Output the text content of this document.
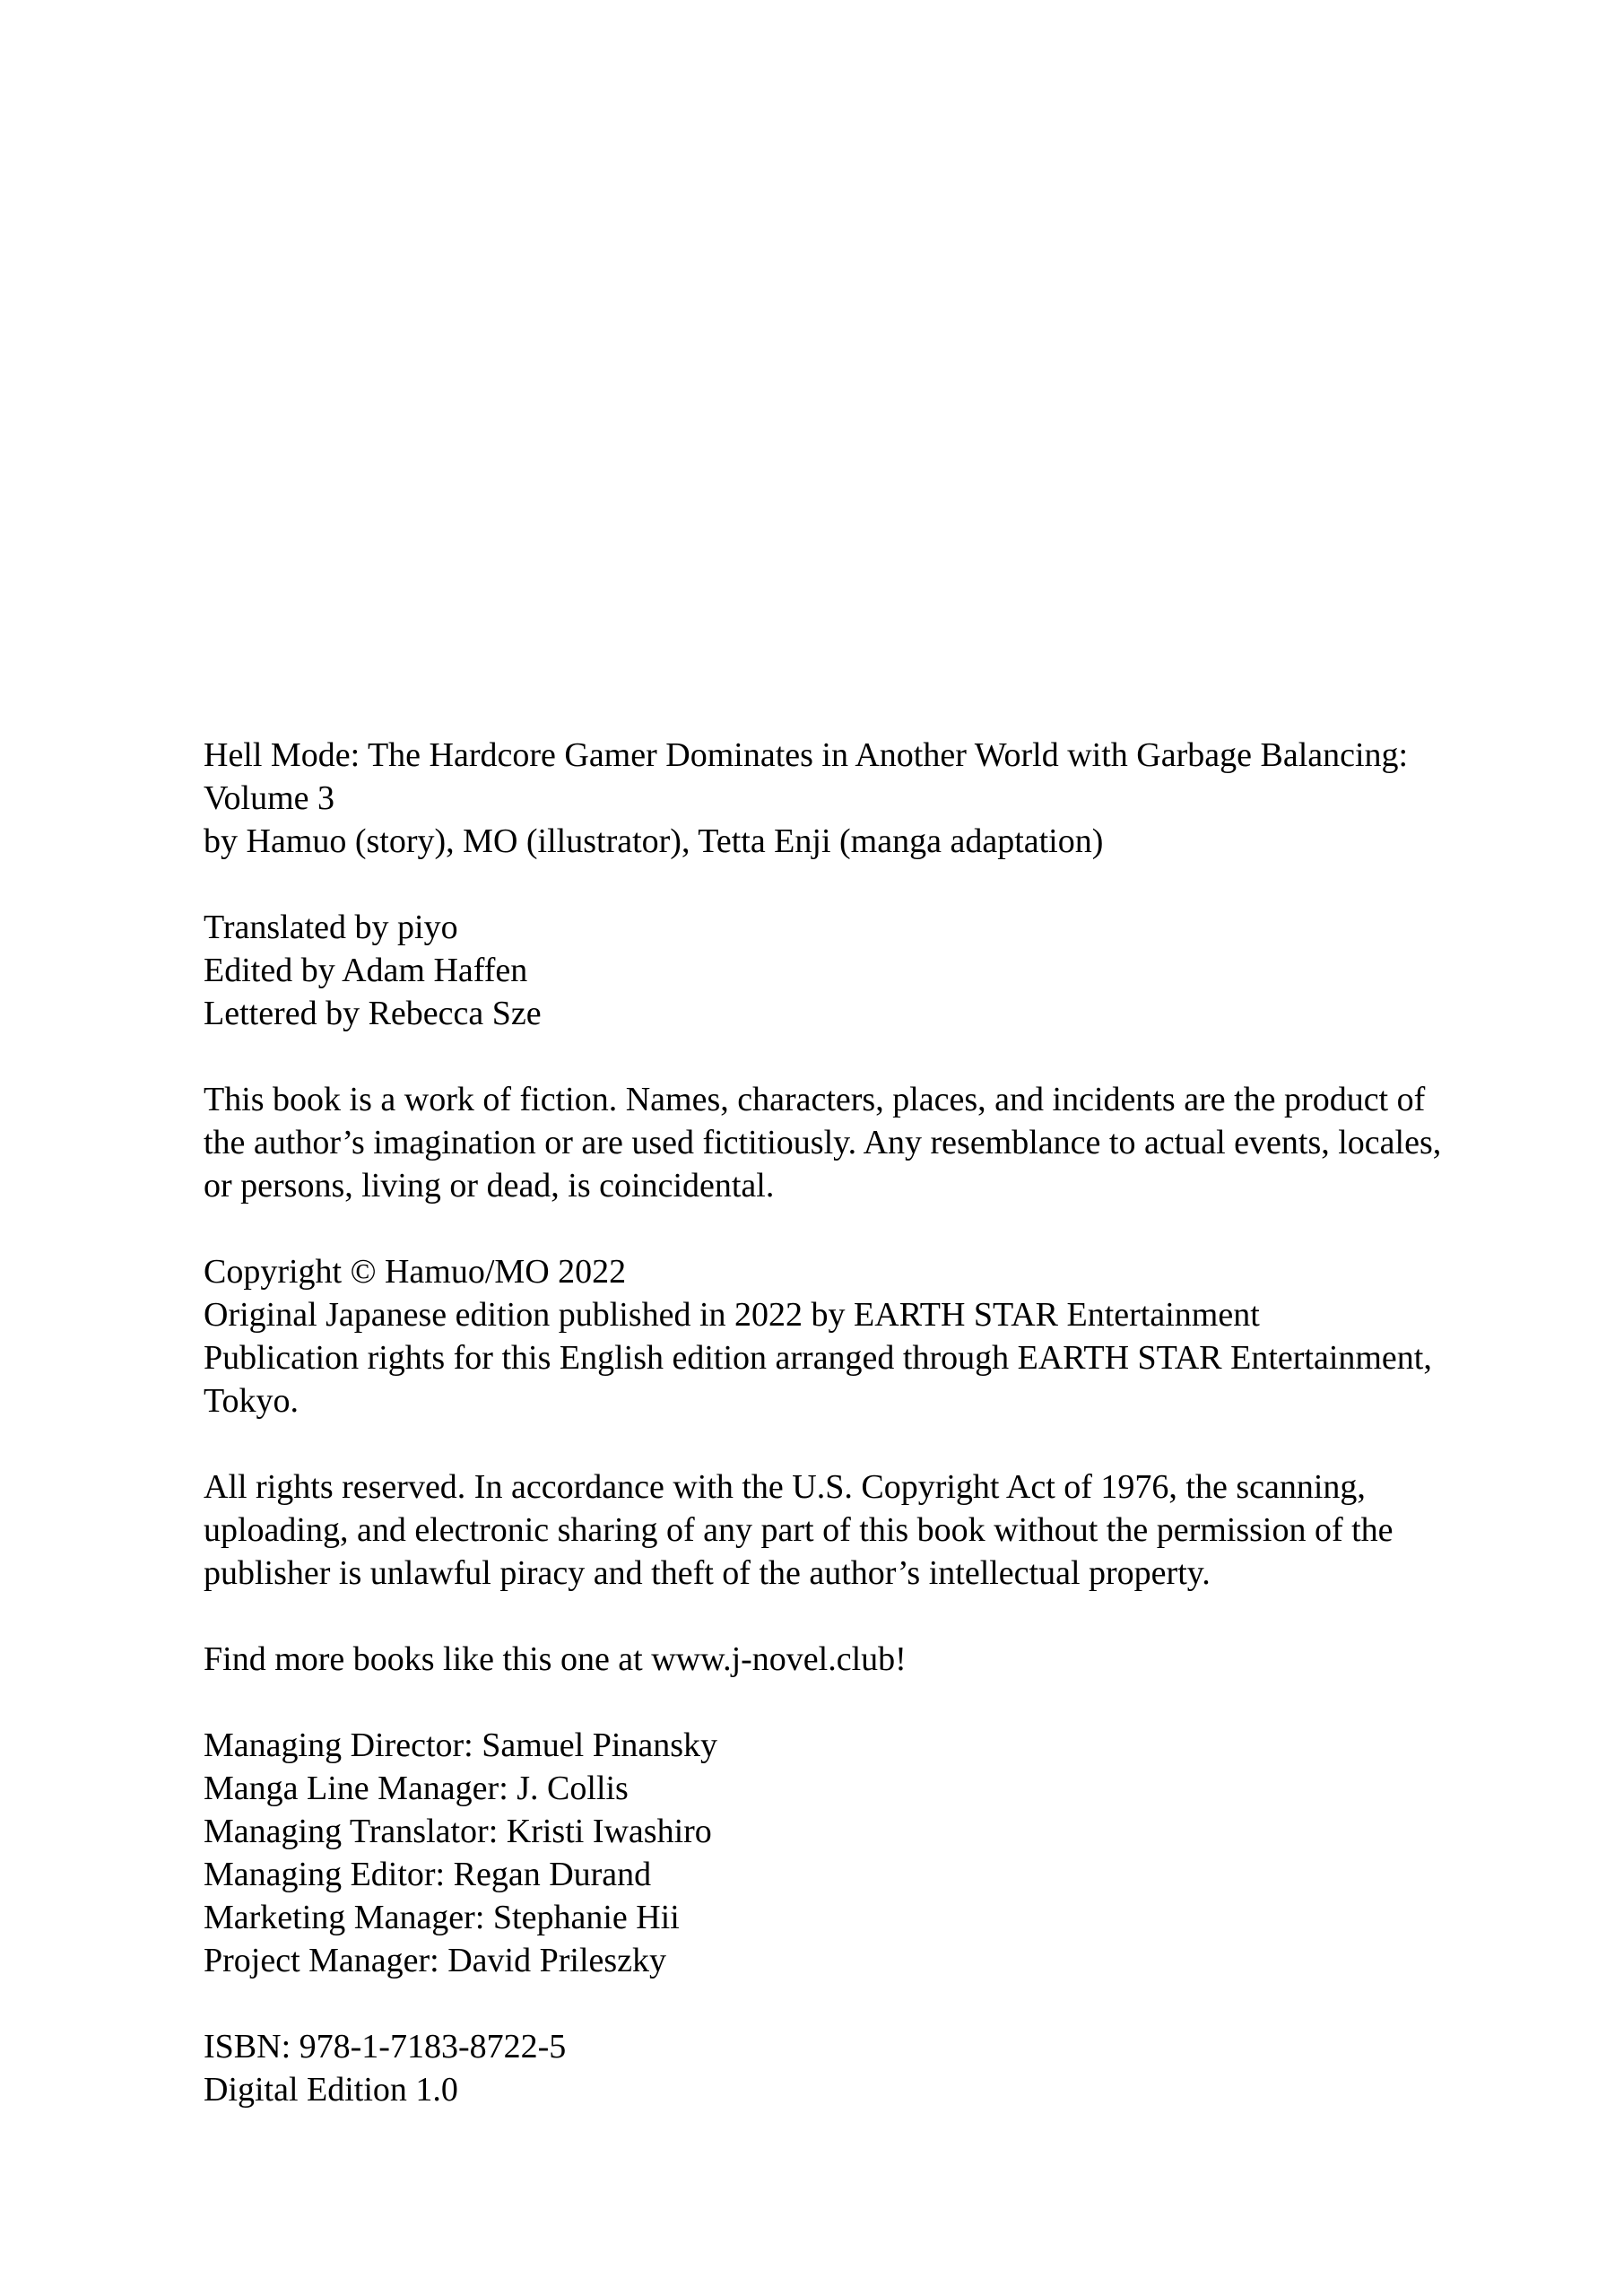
Hell Mode: The Hardcore Gamer Dominates in Another World with Garbage Balancing:
Volume 3
by Hamuo (story), MO (illustrator), Tetta Enji (manga adaptation)
Translated by piyo
Edited by Adam Haffen
Lettered by Rebecca Sze
This book is a work of fiction. Names, characters, places, and incidents are the product of
the author’s imagination or are used fictitiously. Any resemblance to actual events, locales,
or persons, living or dead, is coincidental.
Copyright © Hamuo/MO 2022
Original Japanese edition published in 2022 by EARTH STAR Entertainment
Publication rights for this English edition arranged through EARTH STAR Entertainment,
Tokyo.
All rights reserved. In accordance with the U.S. Copyright Act of 1976, the scanning,
uploading, and electronic sharing of any part of this book without the permission of the
publisher is unlawful piracy and theft of the author’s intellectual property.
Find more books like this one at www.j-novel.club!
Managing Director: Samuel Pinansky
Manga Line Manager: J. Collis
Managing Translator: Kristi Iwashiro
Managing Editor: Regan Durand
Marketing Manager: Stephanie Hii
Project Manager: David Prileszky
ISBN: 978-1-7183-8722-5
Digital Edition 1.0
